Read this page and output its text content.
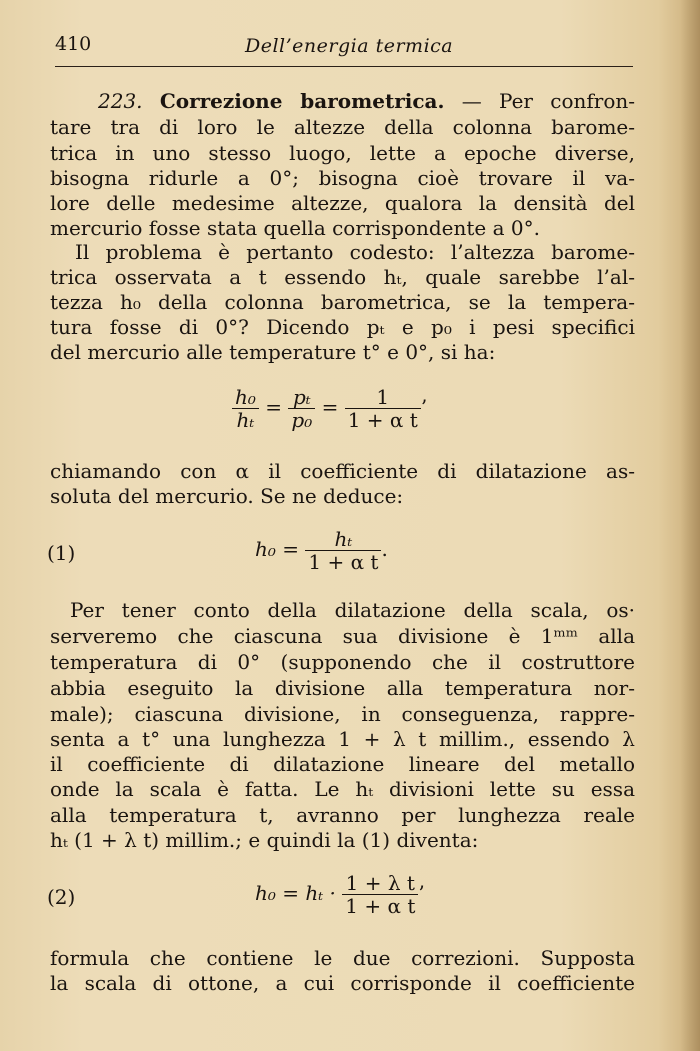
410	Dell’energia termica
223. Correzione barometrica. — Per confron-
tare tra di loro le altezze della colonna barome-
trica in uno stesso luogo, lette a epoche diverse,
bisogna ridurle a 0°; bisogna cioè trovare il va-
lore delle medesime altezze, qualora la densità del
mercurio fosse stata quella corrispondente a 0°.
Il problema è pertanto codesto: l’altezza barome-
trica osservata a t essendo hₜ, quale sarebbe l’al-
tezza h₀ della colonna barometrica, se la tempera-
tura fosse di 0°? Dicendo pₜ e p₀ i pesi specifici
del mercurio alle temperature t° e 0°, si ha:
$\frac{\text{h₀}}{\text{hₜ}} = \frac{\text{pₜ}}{\text{p₀}} = \frac{1}{\text{1 + α t}}$ ’
chiamando con α il coefficiente di dilatazione as-
soluta del mercurio. Se ne deduce:
(1)	$h_0 = \frac{\text{hₜ}}{\text{1 + α t}}$ .
Per tener conto della dilatazione della scala, os·
serveremo che ciascuna sua divisione è 1ᵐᵐ alla
temperatura di 0° (supponendo che il costruttore
abbia eseguito la divisione alla temperatura nor-
male); ciascuna divisione, in conseguenza, rappre-
senta a t° una lunghezza 1 + λ t millim., essendo λ
il coefficiente di dilatazione lineare del metallo
onde la scala è fatta. Le hₜ divisioni lette su essa
alla temperatura t, avranno per lunghezza reale
hₜ (1 + λ t) millim.; e quindi la (1) diventa:
(2)	$h_0 = h_t \cdot \frac{\text{1 + λ t}}{\text{1 + α t}}$ ’
formula che contiene le due correzioni. Supposta
la scala di ottone, a cui corrisponde il coefficiente
